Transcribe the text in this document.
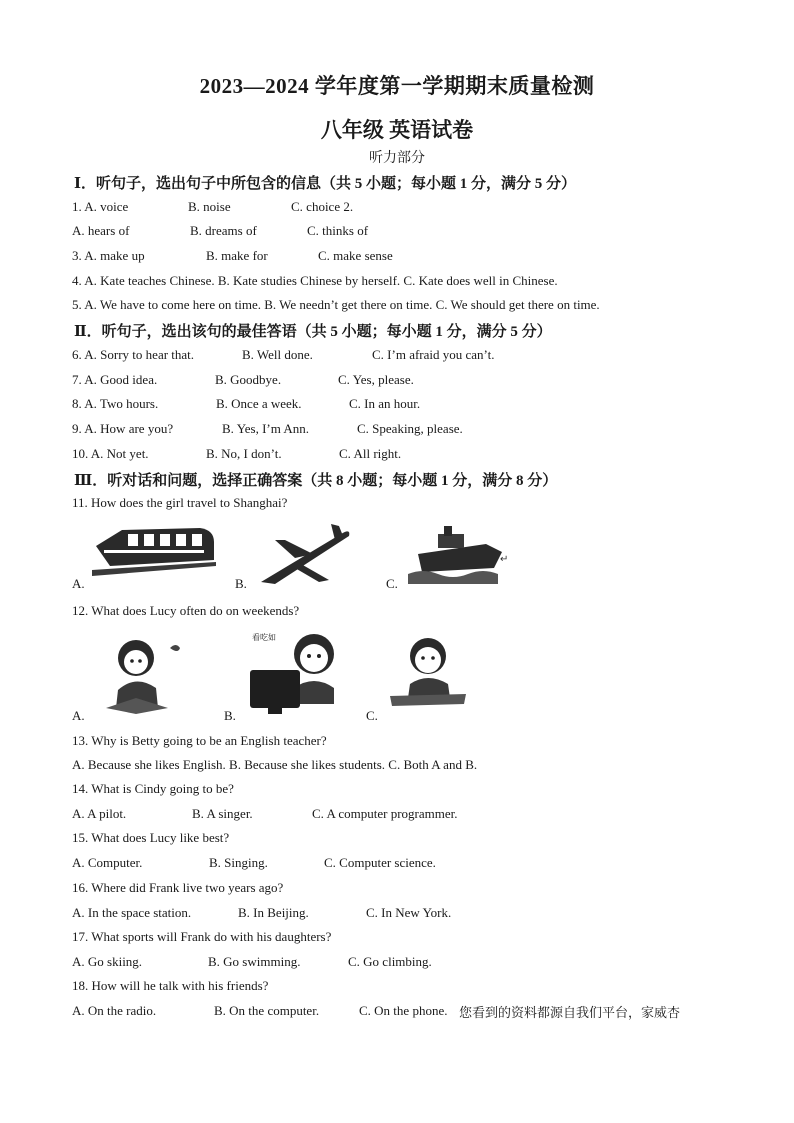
2023—2024 学年度第一学期期末质量检测
八年级 英语试卷
听力部分
Ⅰ．听句子，选出句子中所包含的信息（共 5 小题；每小题 1 分，满分 5 分）
1. A. voice	B. noise	C. choice 2.
A. hears of	B. dreams of	C. thinks of
3. A. make up	B. make for	C. make sense
4. A. Kate teaches Chinese. B. Kate studies Chinese by herself. C. Kate does well in Chinese.
5. A. We have to come here on time. B. We needn’t get there on time. C. We should get there on time.
Ⅱ．听句子，选出该句的最佳答语（共 5 小题；每小题 1 分，满分 5 分）
6. A. Sorry to hear that.	B. Well done.	C. I’m afraid you can’t.
7. A. Good idea.	B. Goodbye.	C. Yes, please.
8. A. Two hours.	B. Once a week.	C. In an hour.
9. A. How are you?	B. Yes, I’m Ann.	C. Speaking, please.
10. A. Not yet.	B. No, I don’t.	C. All right.
Ⅲ．听对话和问题，选择正确答案（共 8 小题；每小题 1 分，满分 8 分）
11. How does the girl travel to Shanghai?
A.	B.
↵
C.
12. What does Lucy often do on weekends?
A.
看吃如
B.	C.
13. Why is Betty going to be an English teacher?
A. Because she likes English. B. Because she likes students. C. Both A and B.
14. What is Cindy going to be?
A. A pilot.	B. A singer.	C. A computer programmer.
15. What does Lucy like best?
A. Computer.	B. Singing.	C. Computer science.
16. Where did Frank live two years ago?
A. In the space station.	B. In Beijing.	C. In New York.
17. What sports will Frank do with his daughters?
A. Go skiing.	B. Go swimming.	C. Go climbing.
18. How will he talk with his friends?
A. On the radio.	B. On the computer.	C. On the phone. 您看到的资料都源自我们平台，家威杏
